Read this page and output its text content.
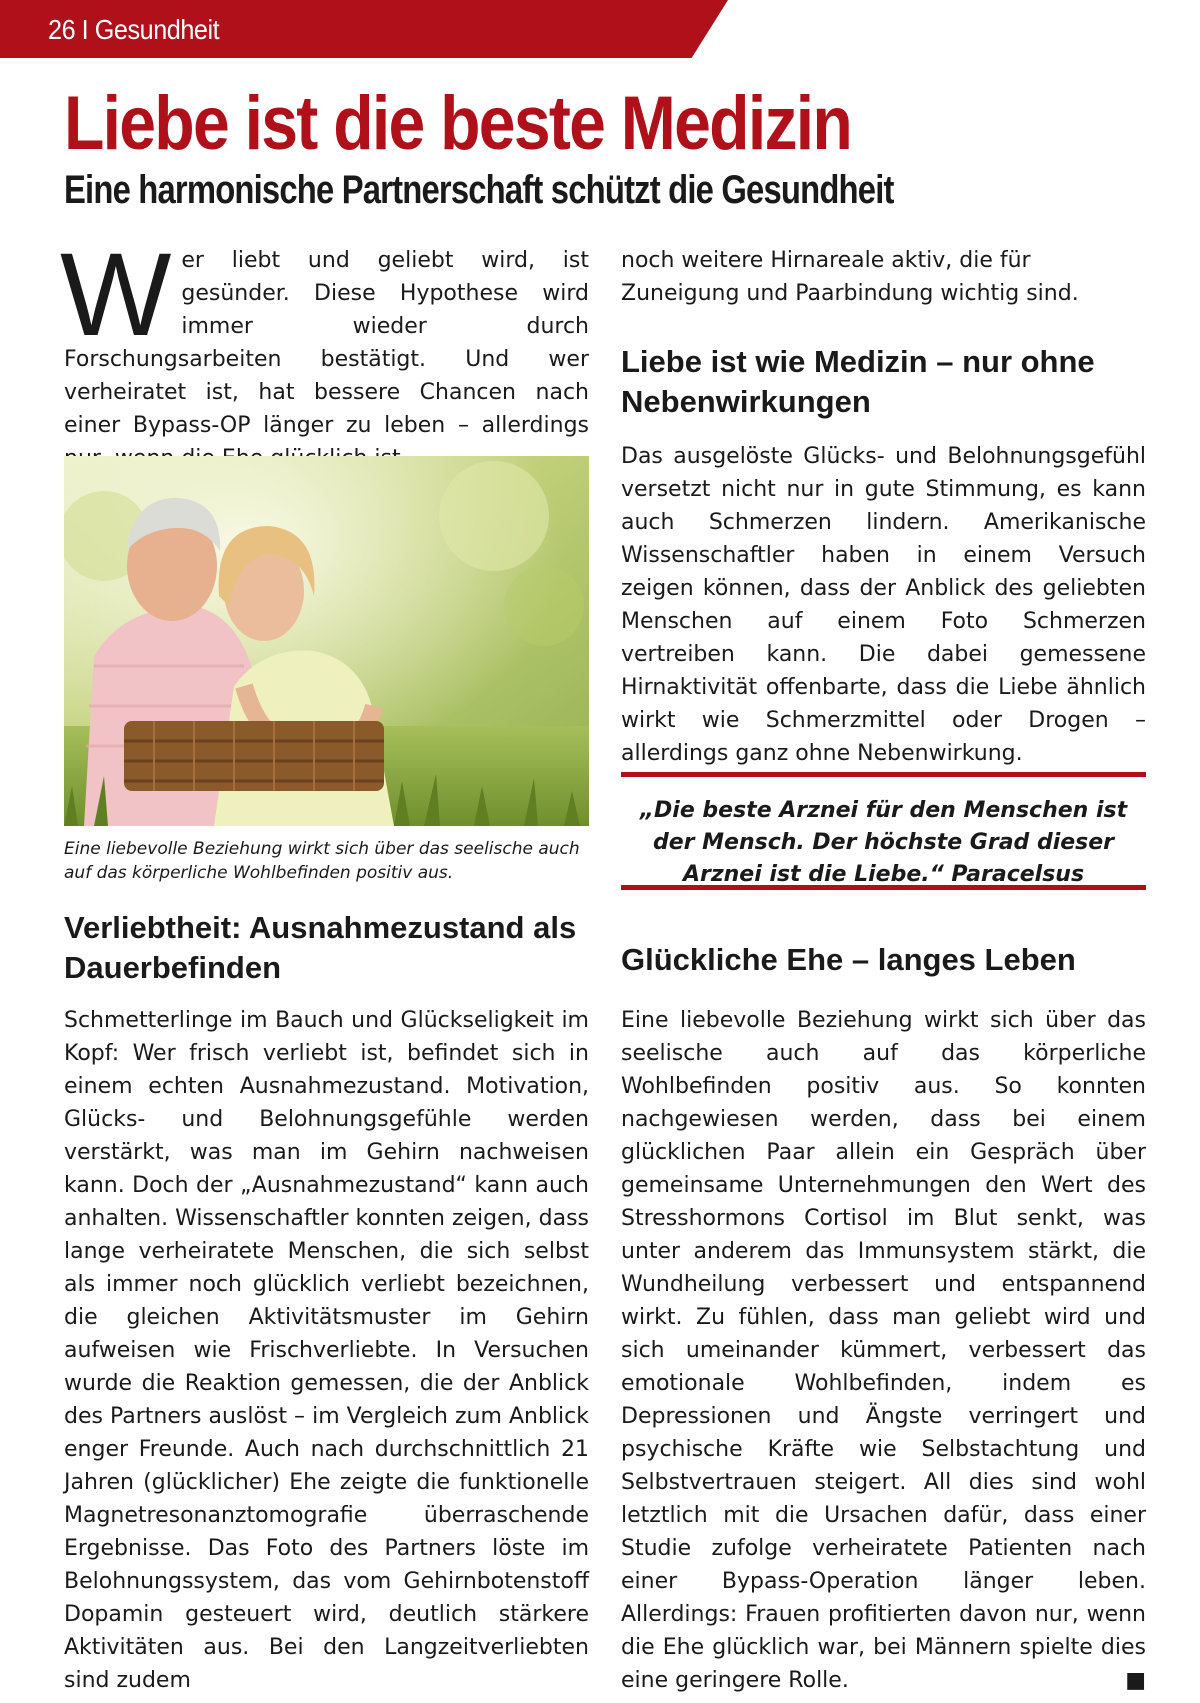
26 I Gesundheit
Liebe ist die beste Medizin
Eine harmonische Partnerschaft schützt die Gesundheit

Wer liebt und geliebt wird, ist gesünder. Diese Hypothese wird immer wieder durch Forschungsarbeiten bestätigt. Und wer verheiratet ist, hat bessere Chancen nach einer Bypass-OP länger zu leben – allerdings

Eine liebevolle Beziehung wirkt sich über das seelische auch auf das körperliche Wohlbefinden positiv aus.
Verliebtheit: Ausnahmezustand als Dauerbefinden

Schmetterlinge im Bauch und Glückseligkeit im Kopf: Wer frisch verliebt ist, befindet sich in einem echten Ausnahmezustand. Motivation, Glücks- und Belohnungsgefühle werden verstärkt, was man im Gehirn nachweisen kann. Doch der „Ausnahmezustand“ kann auch anhalten. Wissenschaftler konnten zeigen, dass lange verheiratete Menschen, die sich selbst als immer noch glücklich verliebt bezeichnen, die gleichen Aktivitätsmuster im Gehirn aufweisen wie Frischverliebte. In Versuchen wurde die Reaktion gemessen, die der Anblick des Partners auslöst – im Vergleich zum Anblick enger Freunde. Auch nach durchschnittlich 21 Jahren (glücklicher) Ehe zeigte die funktionelle Magnetresonanztomografie überraschende Ergebnisse. Das Foto des Partners löste im Belohnungssystem, das vom Gehirnbotenstoff Dopamin gesteuert wird, deutlich stärkere Aktivitäten aus. Bei den Langzeitverliebten sind zudem

noch weitere Hirnareale aktiv, die für Zuneigung und Paarbindung wichtig sind.

Liebe ist wie Medizin – nur ohne Nebenwirkungen

Das ausgelöste Glücks- und Belohnungsgefühl versetzt nicht nur in gute Stimmung, es kann auch Schmerzen lindern. Amerikanische Wissenschaftler haben in einem Versuch zeigen können, dass der Anblick des geliebten Menschen auf einem Foto Schmerzen vertreiben kann. Die dabei gemessene Hirnaktivität offenbarte, dass die Liebe ähnlich wirkt wie Schmerzmittel oder Drogen – allerdings ganz ohne Nebenwirkung.

„Die beste Arznei für den Menschen ist der Mensch. Der höchste Grad dieser Arznei ist die Liebe.“ Paracelsus
Glückliche Ehe – langes Leben

Eine liebevolle Beziehung wirkt sich über das seelische auch auf das körperliche Wohlbefinden positiv aus. So konnten nachgewiesen werden, dass bei einem glücklichen Paar allein ein Gespräch über gemeinsame Unternehmungen den Wert des Stresshormons Cortisol im Blut senkt, was unter anderem das Immunsystem stärkt, die Wundheilung verbessert und entspannend wirkt. Zu fühlen, dass man geliebt wird und sich umeinander kümmert, verbessert das emotionale Wohlbefinden, indem es Depressionen und Ängste verringert und psychische Kräfte wie Selbstachtung und Selbstvertrauen steigert. All dies sind wohl letztlich mit die Ursachen dafür, dass einer Studie zufolge verheiratete Patienten nach einer Bypass-Operation länger leben. Allerdings: Frauen profitierten davon nur, wenn die Ehe glücklich war, bei Männern spielte dies eine geringere Rolle.	■
